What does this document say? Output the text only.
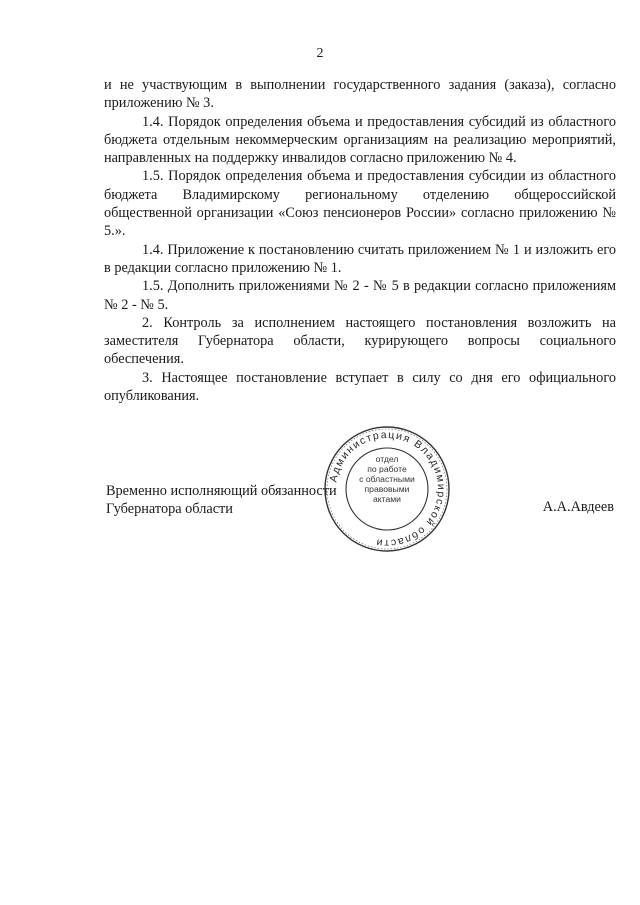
2

и не участвующим в выполнении государственного задания (заказа), согласно приложению № 3.

1.4. Порядок определения объема и предоставления субсидий из областного бюджета отдельным некоммерческим организациям на реализацию мероприятий, направленных на поддержку инвалидов согласно приложению № 4.

1.5. Порядок определения объема и предоставления субсидии из областного бюджета Владимирскому региональному отделению общероссийской общественной организации «Союз пенсионеров России» согласно приложению № 5.».

1.4. Приложение к постановлению считать приложением № 1 и изложить его в редакции согласно приложению № 1.

1.5. Дополнить приложениями № 2 - № 5 в редакции согласно приложениям № 2 - № 5.

2. Контроль за исполнением настоящего постановления возложить на заместителя Губернатора области, курирующего вопросы социального обеспечения.

3. Настоящее постановление вступает в силу со дня его официального опубликования.

Временно исполняющий обязанности
Губернатора области	А.А.Авдеев
Администрация Владимирской области
отдел
по работе
с областными
правовыми
актами
